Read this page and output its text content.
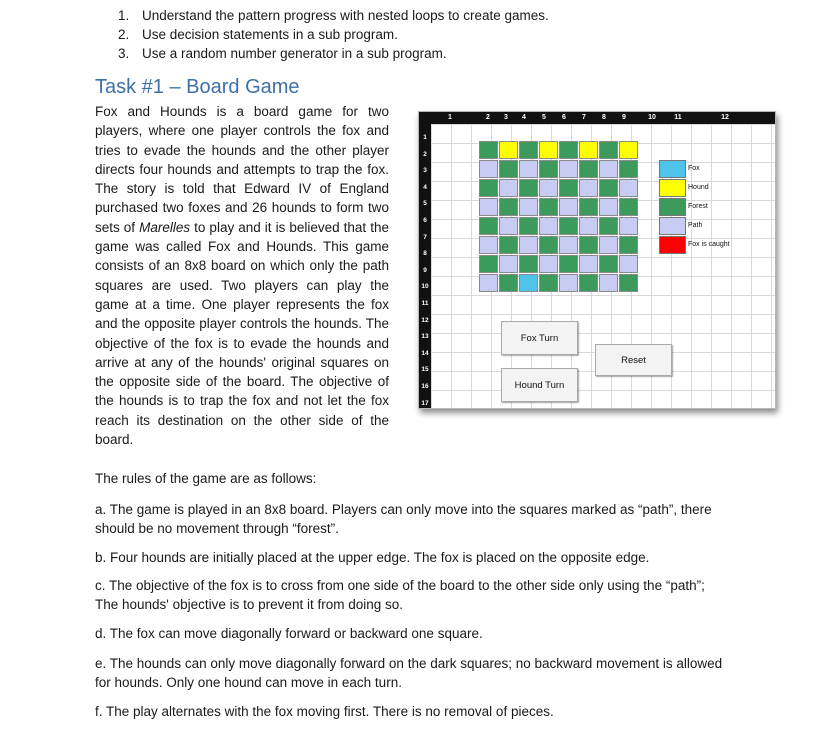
1. Understand the pattern progress with nested loops to create games.
2. Use decision statements in a sub program.
3. Use a random number generator in a sub program.
Task #1 – Board Game
Fox and Hounds is a board game for two players, where one player controls the fox and tries to evade the hounds and the other player directs four hounds and attempts to trap the fox. The story is told that Edward IV of England purchased two foxes and 26 hounds to form two sets of Marelles to play and it is believed that the game was called Fox and Hounds. This game consists of an 8x8 board on which only the path squares are used. Two players can play the game at a time. One player represents the fox and the opposite player controls the hounds. The objective of the fox is to evade the hounds and arrive at any of the hounds' original squares on the opposite side of the board. The objective of the hounds is to trap the fox and not let the fox reach its destination on the other side of the board.
1	2	3	4	5	6	7	8	9	10	11	12
1
2
3
4
5
6
7
8
9
10
11
12
13
14
15
16
17
Fox
Hound
Forest
Path
Fox is caught
Fox Turn
Reset
Hound Turn

The rules of the game are as follows:

a. The game is played in an 8x8 board. Players can only move into the squares marked as “path”, there should be no movement through “forest”.

b. Four hounds are initially placed at the upper edge. The fox is placed on the opposite edge.

c. The objective of the fox is to cross from one side of the board to the other side only using the “path”; The hounds' objective is to prevent it from doing so.

d. The fox can move diagonally forward or backward one square.

e. The hounds can only move diagonally forward on the dark squares; no backward movement is allowed for hounds. Only one hound can move in each turn.

f. The play alternates with the fox moving first. There is no removal of pieces.
